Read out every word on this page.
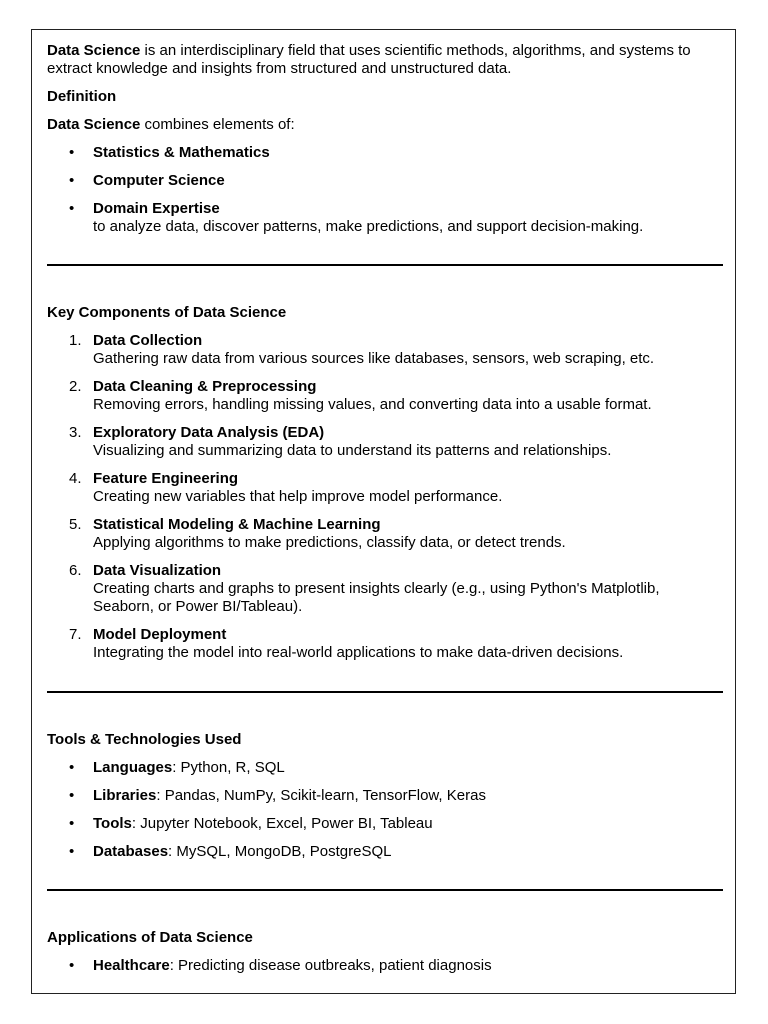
Data Science is an interdisciplinary field that uses scientific methods, algorithms, and systems to extract knowledge and insights from structured and unstructured data.

Definition

Data Science combines elements of:

• Statistics & Mathematics
• Computer Science
• Domain Expertise
to analyze data, discover patterns, make predictions, and support decision-making.

Key Components of Data Science

1. Data Collection
Gathering raw data from various sources like databases, sensors, web scraping, etc.
2. Data Cleaning & Preprocessing
Removing errors, handling missing values, and converting data into a usable format.
3. Exploratory Data Analysis (EDA)
Visualizing and summarizing data to understand its patterns and relationships.
4. Feature Engineering
Creating new variables that help improve model performance.
5. Statistical Modeling & Machine Learning
Applying algorithms to make predictions, classify data, or detect trends.
6. Data Visualization
Creating charts and graphs to present insights clearly (e.g., using Python's Matplotlib, Seaborn, or Power BI/Tableau).
7. Model Deployment
Integrating the model into real-world applications to make data-driven decisions.

Tools & Technologies Used

• Languages: Python, R, SQL
• Libraries: Pandas, NumPy, Scikit-learn, TensorFlow, Keras
• Tools: Jupyter Notebook, Excel, Power BI, Tableau
• Databases: MySQL, MongoDB, PostgreSQL

Applications of Data Science

• Healthcare: Predicting disease outbreaks, patient diagnosis
